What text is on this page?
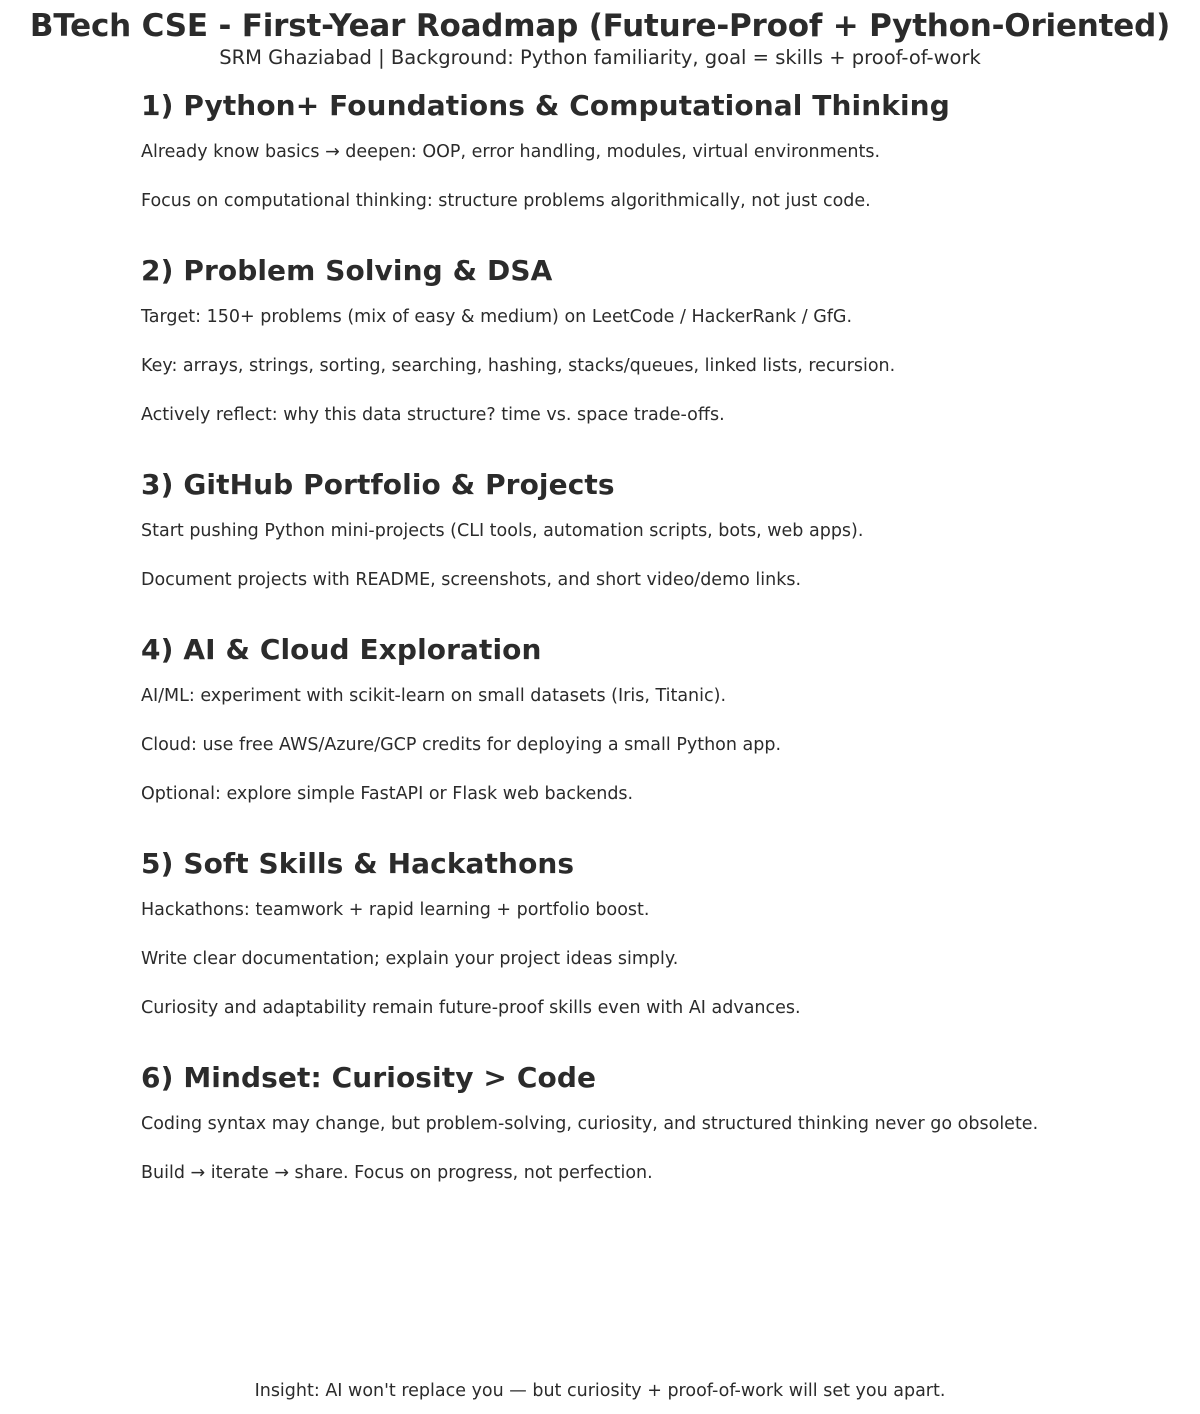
BTech CSE - First-Year Roadmap (Future-Proof + Python-Oriented)

SRM Ghaziabad | Background: Python familiarity, goal = skills + proof-of-work

1) Python+ Foundations & Computational Thinking

Already know basics → deepen: OOP, error handling, modules, virtual environments.

Focus on computational thinking: structure problems algorithmically, not just code.

2) Problem Solving & DSA

Target: 150+ problems (mix of easy & medium) on LeetCode / HackerRank / GfG.

Key: arrays, strings, sorting, searching, hashing, stacks/queues, linked lists, recursion.

Actively reflect: why this data structure? time vs. space trade-offs.

3) GitHub Portfolio & Projects

Start pushing Python mini-projects (CLI tools, automation scripts, bots, web apps).

Document projects with README, screenshots, and short video/demo links.

4) AI & Cloud Exploration

AI/ML: experiment with scikit-learn on small datasets (Iris, Titanic).

Cloud: use free AWS/Azure/GCP credits for deploying a small Python app.

Optional: explore simple FastAPI or Flask web backends.

5) Soft Skills & Hackathons

Hackathons: teamwork + rapid learning + portfolio boost.

Write clear documentation; explain your project ideas simply.

Curiosity and adaptability remain future-proof skills even with AI advances.

6) Mindset: Curiosity > Code

Coding syntax may change, but problem-solving, curiosity, and structured thinking never go obsolete.

Build → iterate → share. Focus on progress, not perfection.

Insight: AI won't replace you — but curiosity + proof-of-work will set you apart.
